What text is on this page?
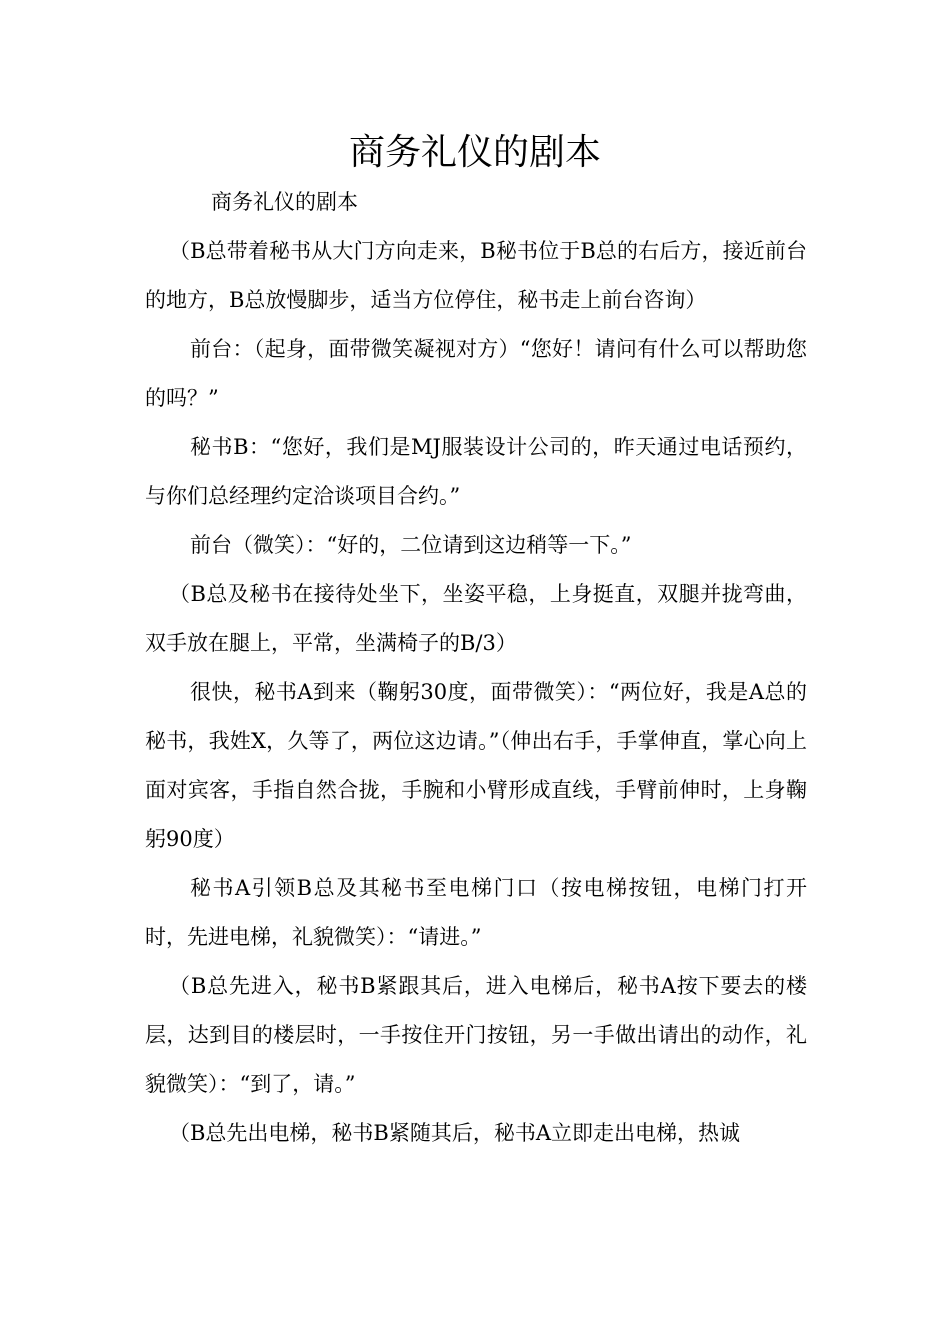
商务礼仪的剧本

商务礼仪的剧本

（B总带着秘书从大门方向走来，B秘书位于B总的右后方，接近前台的地方，B总放慢脚步，适当方位停住，秘书走上前台咨询）

前台：（起身，面带微笑凝视对方）“您好！请问有什么可以帮助您的吗？”

秘书B：“您好，我们是MJ服装设计公司的，昨天通过电话预约，与你们总经理约定洽谈项目合约。”

前台（微笑）：“好的，二位请到这边稍等一下。”

（B总及秘书在接待处坐下，坐姿平稳，上身挺直，双腿并拢弯曲，双手放在腿上，平常，坐满椅子的B/3）

很快，秘书A到来（鞠躬30度，面带微笑）：“两位好，我是A总的秘书，我姓X，久等了，两位这边请。”（伸出右手，手掌伸直，掌心向上面对宾客，手指自然合拢，手腕和小臂形成直线，手臂前伸时，上身鞠躬90度）

秘书A引领B总及其秘书至电梯门口（按电梯按钮，电梯门打开时，先进电梯，礼貌微笑）：“请进。”

（B总先进入，秘书B紧跟其后，进入电梯后，秘书A按下要去的楼层，达到目的楼层时，一手按住开门按钮，另一手做出请出的动作，礼貌微笑）：“到了，请。”

（B总先出电梯，秘书B紧随其后，秘书A立即走出电梯，热诚
